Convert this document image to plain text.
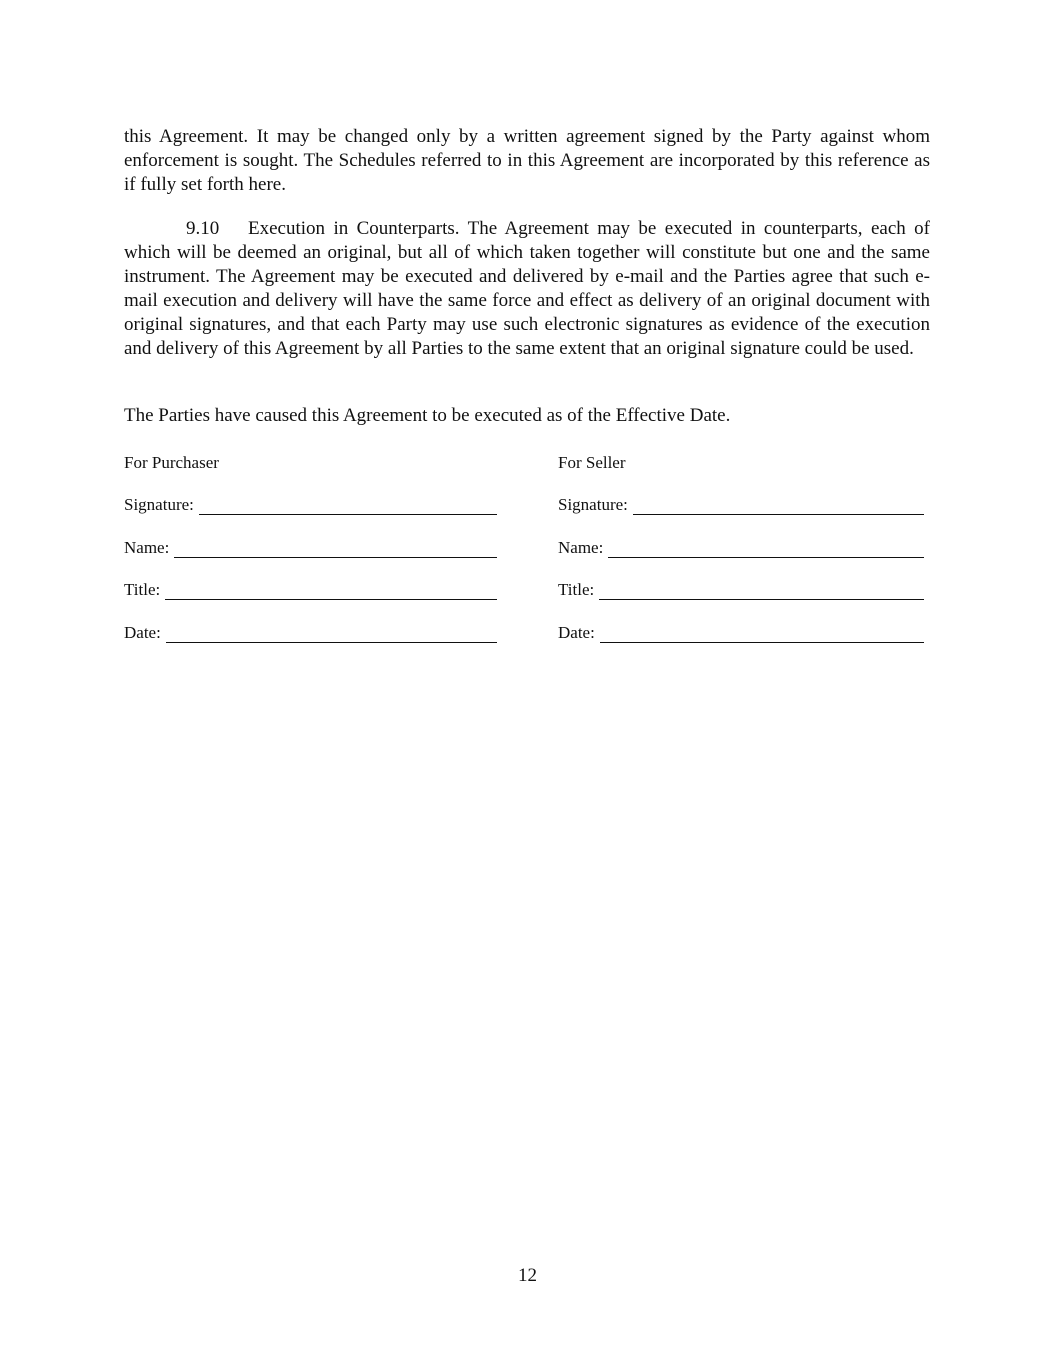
this Agreement. It may be changed only by a written agreement signed by the Party against whom enforcement is sought. The Schedules referred to in this Agreement are incorporated by this reference as if fully set forth here.

9.10 Execution in Counterparts. The Agreement may be executed in counterparts, each of which will be deemed an original, but all of which taken together will constitute but one and the same instrument. The Agreement may be executed and delivered by e-mail and the Parties agree that such e-mail execution and delivery will have the same force and effect as delivery of an original document with original signatures, and that each Party may use such electronic signatures as evidence of the execution and delivery of this Agreement by all Parties to the same extent that an original signature could be used.

The Parties have caused this Agreement to be executed as of the Effective Date.

For Purchaser
Signature:
Name:
Title:
Date:
For Seller
Signature:
Name:
Title:
Date:
12
